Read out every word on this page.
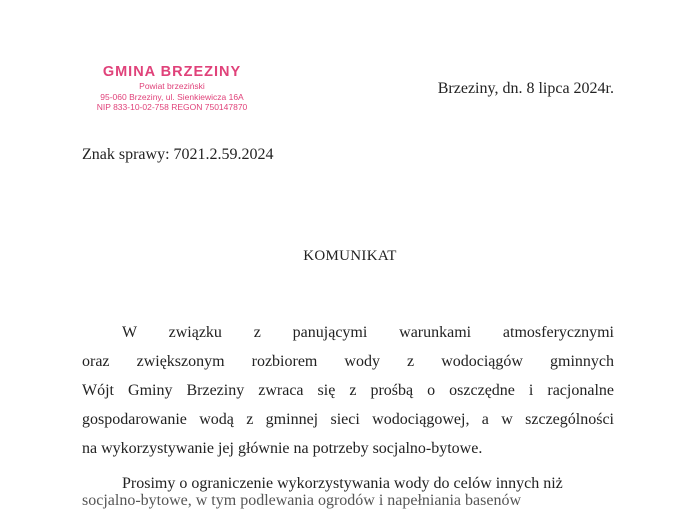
GMINA BRZEZINY
Powiat brzeziński
95-060 Brzeziny, ul. Sienkiewicza 16A
NIP 833-10-02-758 REGON 750147870
Brzeziny, dn. 8 lipca 2024r.
Znak sprawy: 7021.2.59.2024
KOMUNIKAT
W związku z panującymi warunkami atmosferycznymi
oraz zwiększonym rozbiorem wody z wodociągów gminnych
Wójt Gminy Brzeziny zwraca się z prośbą o oszczędne i racjonalne
gospodarowanie wodą z gminnej sieci wodociągowej, a w szczególności
na wykorzystywanie jej głównie na potrzeby socjalno-bytowe.
Prosimy o ograniczenie wykorzystywania wody do celów innych niż
socjalno-bytowe, w tym podlewania ogrodów i napełniania basenów
